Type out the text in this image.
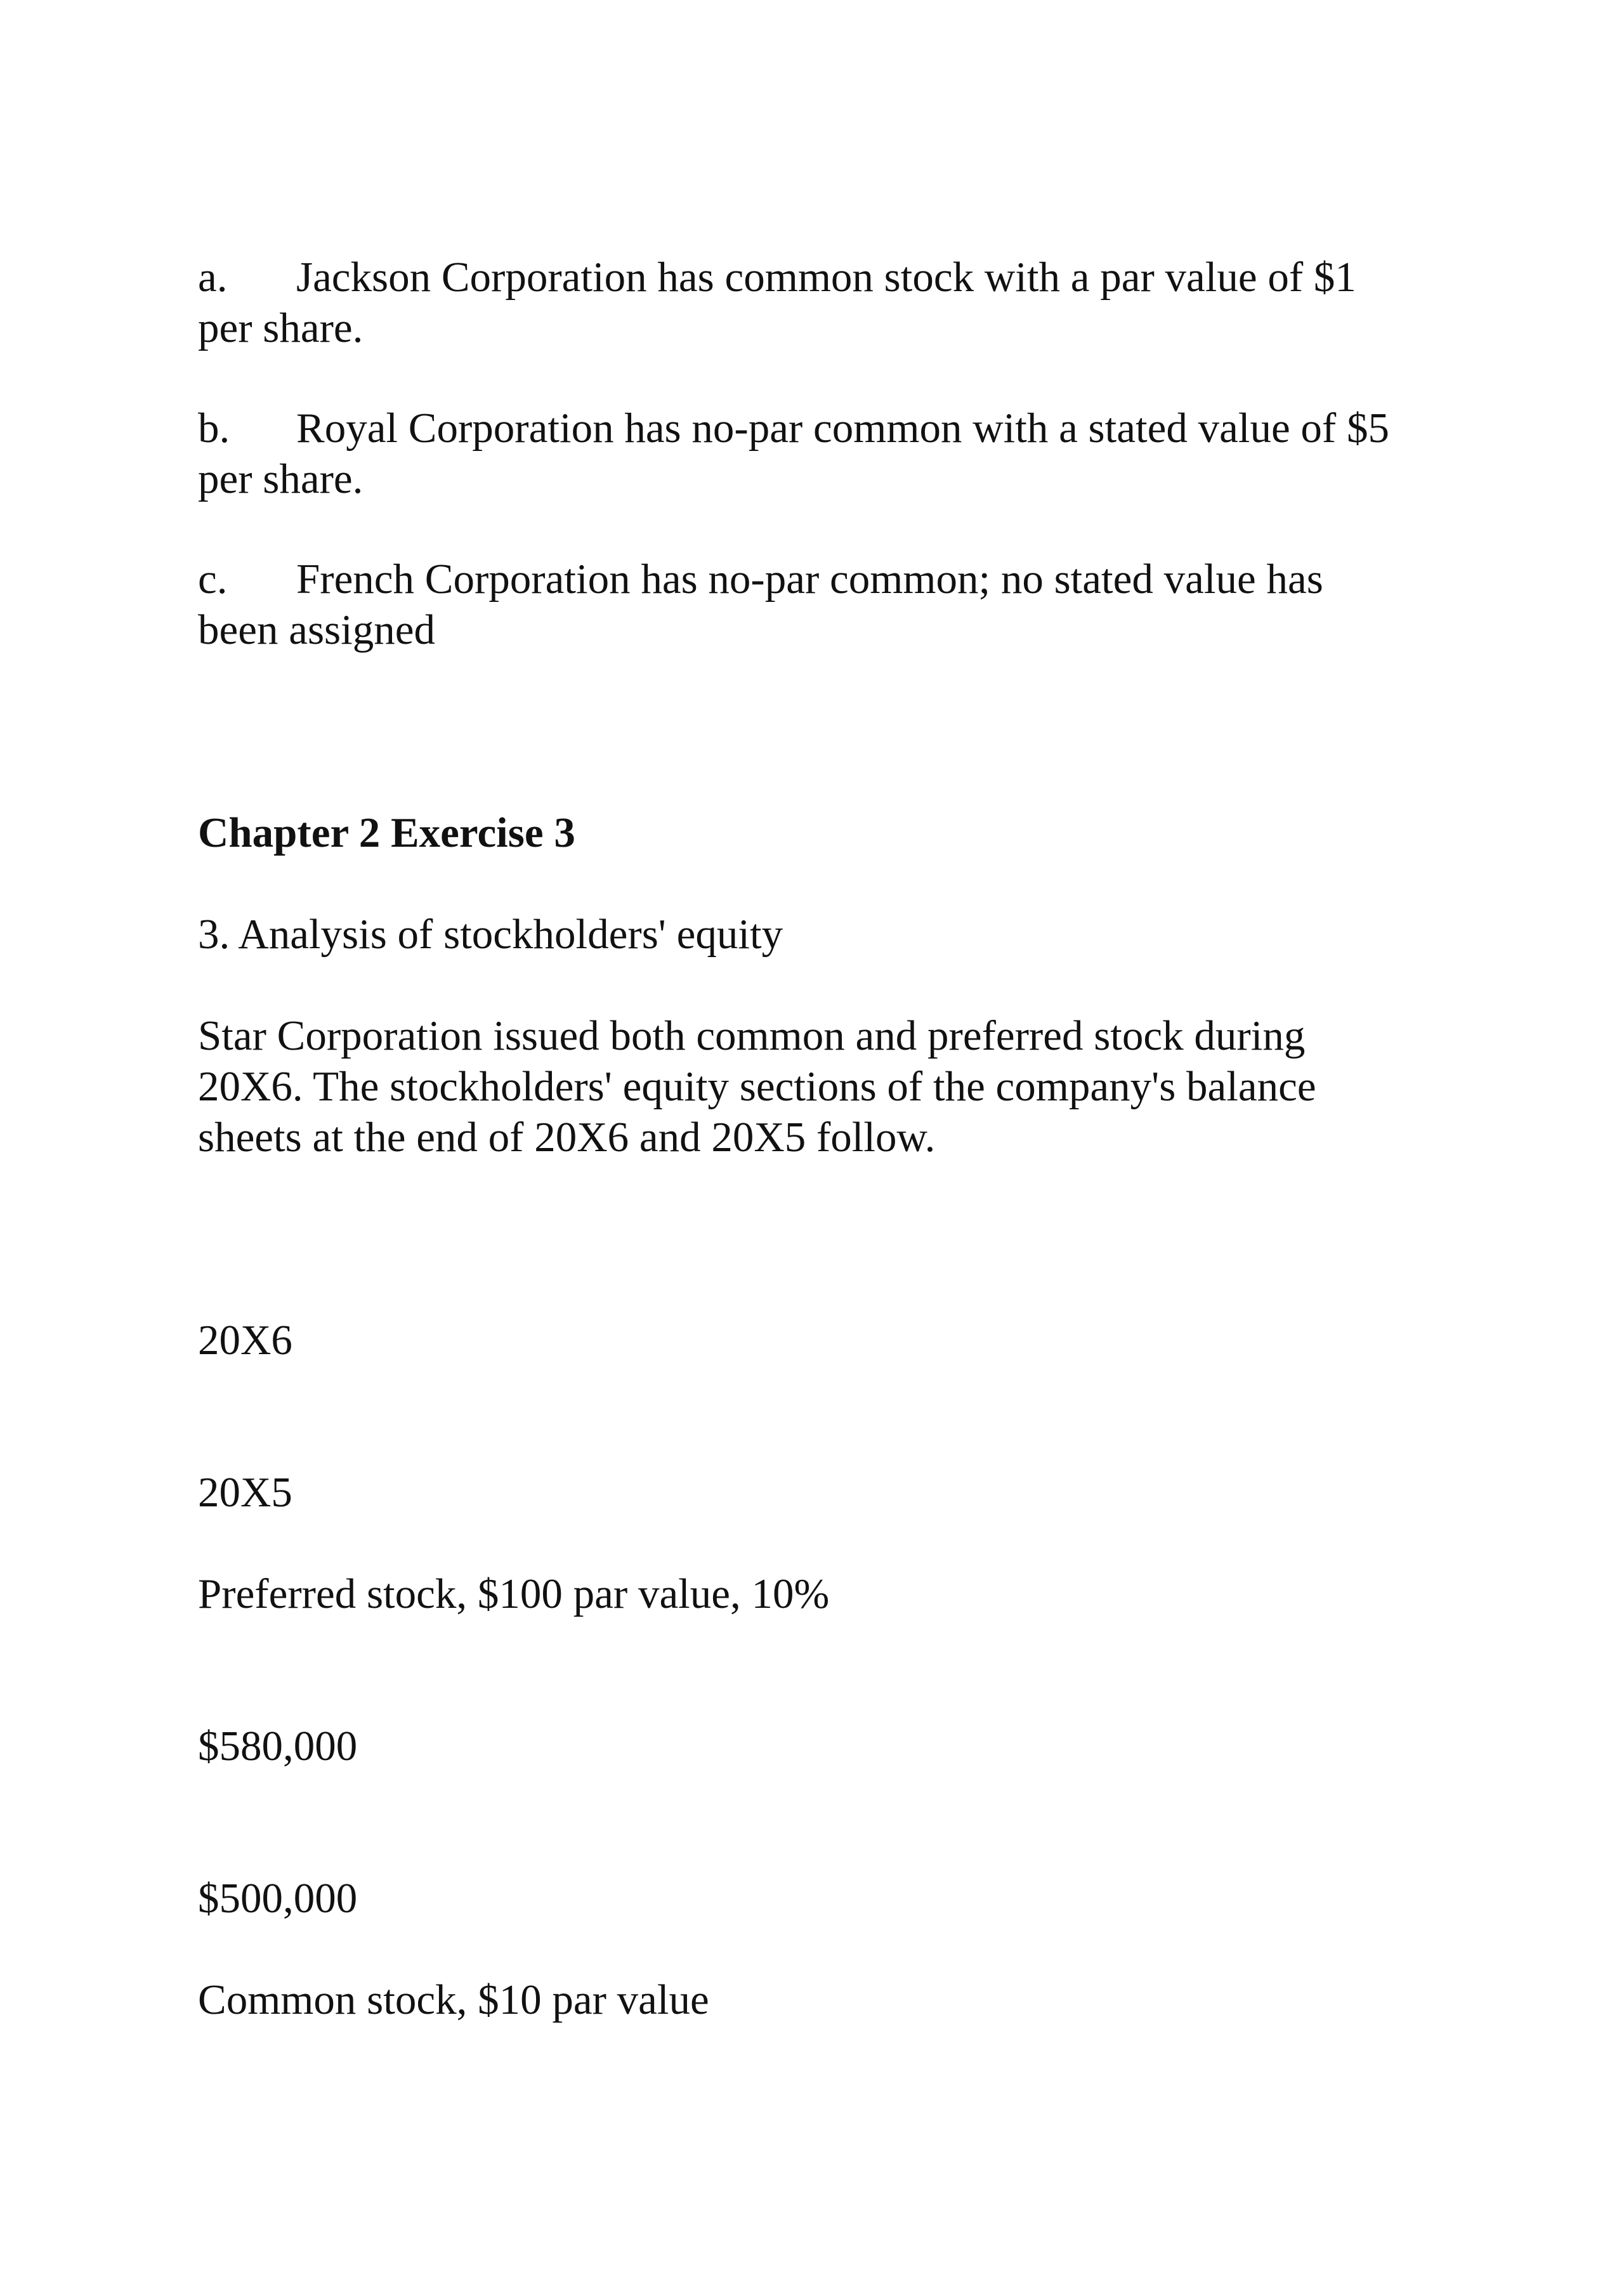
a. Jackson Corporation has common stock with a par value of $1
per share.

b. Royal Corporation has no-par common with a stated value of $5
per share.

c. French Corporation has no-par common; no stated value has
been assigned

Chapter 2 Exercise 3

3. Analysis of stockholders' equity

Star Corporation issued both common and preferred stock during
20X6. The stockholders' equity sections of the company's balance
sheets at the end of 20X6 and 20X5 follow.

20X6

20X5

Preferred stock, $100 par value, 10%

$580,000

$500,000

Common stock, $10 par value
